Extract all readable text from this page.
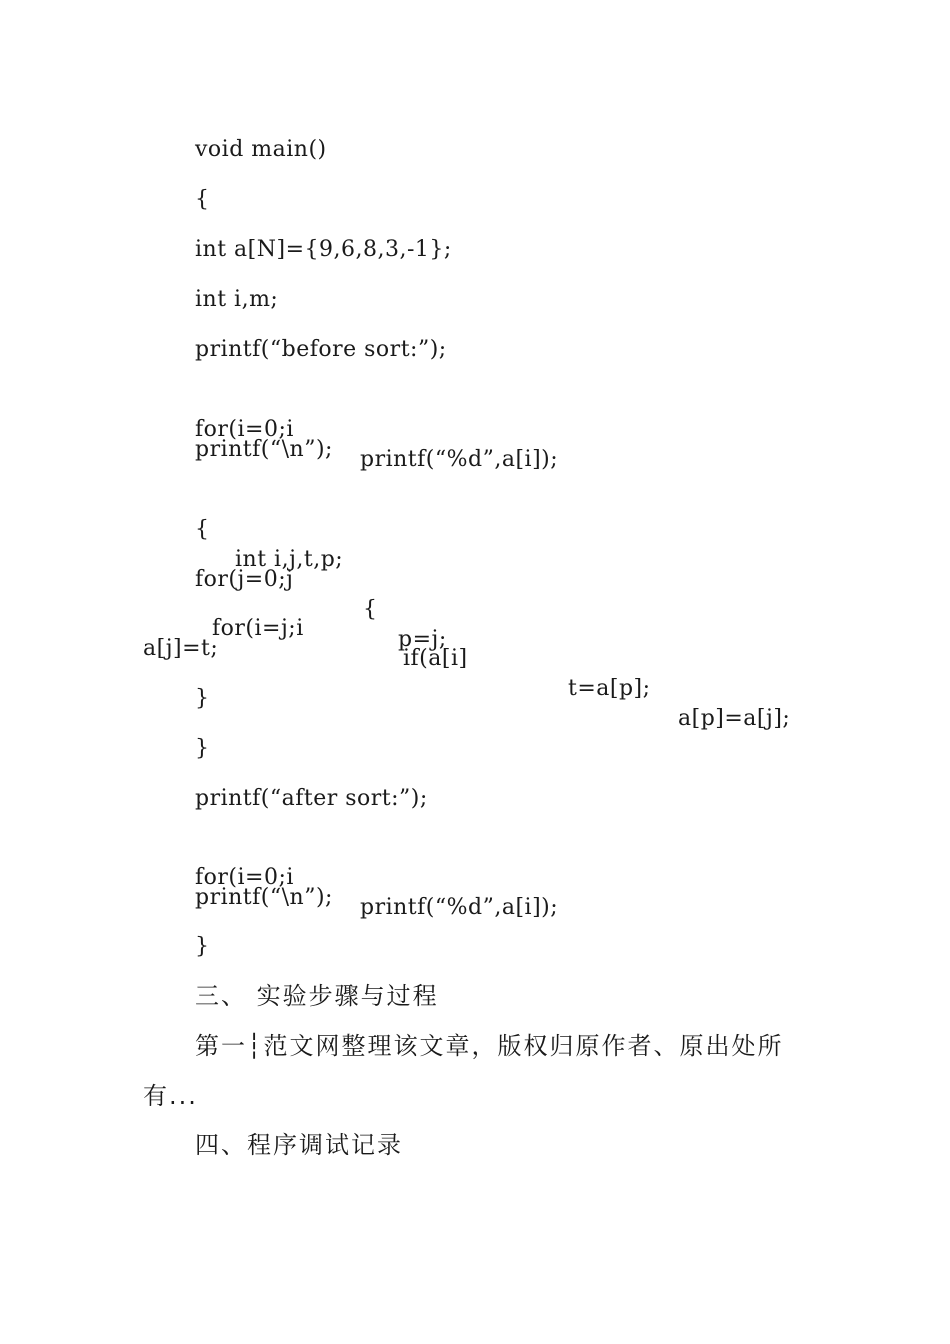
void main()
{
int a[N]={9,6,8,3,-1};
int i,m;
printf(“before sort:”);

for(i=0;i

printf(“%d”,a[i]);

printf(“\n”);

{

int i,j,t,p;

for(j=0;j

{

p=j;

for(i=j;i

if(a[i]

t=a[p];

a[p]=a[j];

a[j]=t;
}
}
printf(“after sort:”);

for(i=0;i

printf(“%d”,a[i]);

printf(“\n”);
}
三、 实验步骤与过程
第一┆范文网整理该文章，版权归原作者、原出处所
有...
四、程序调试记录
